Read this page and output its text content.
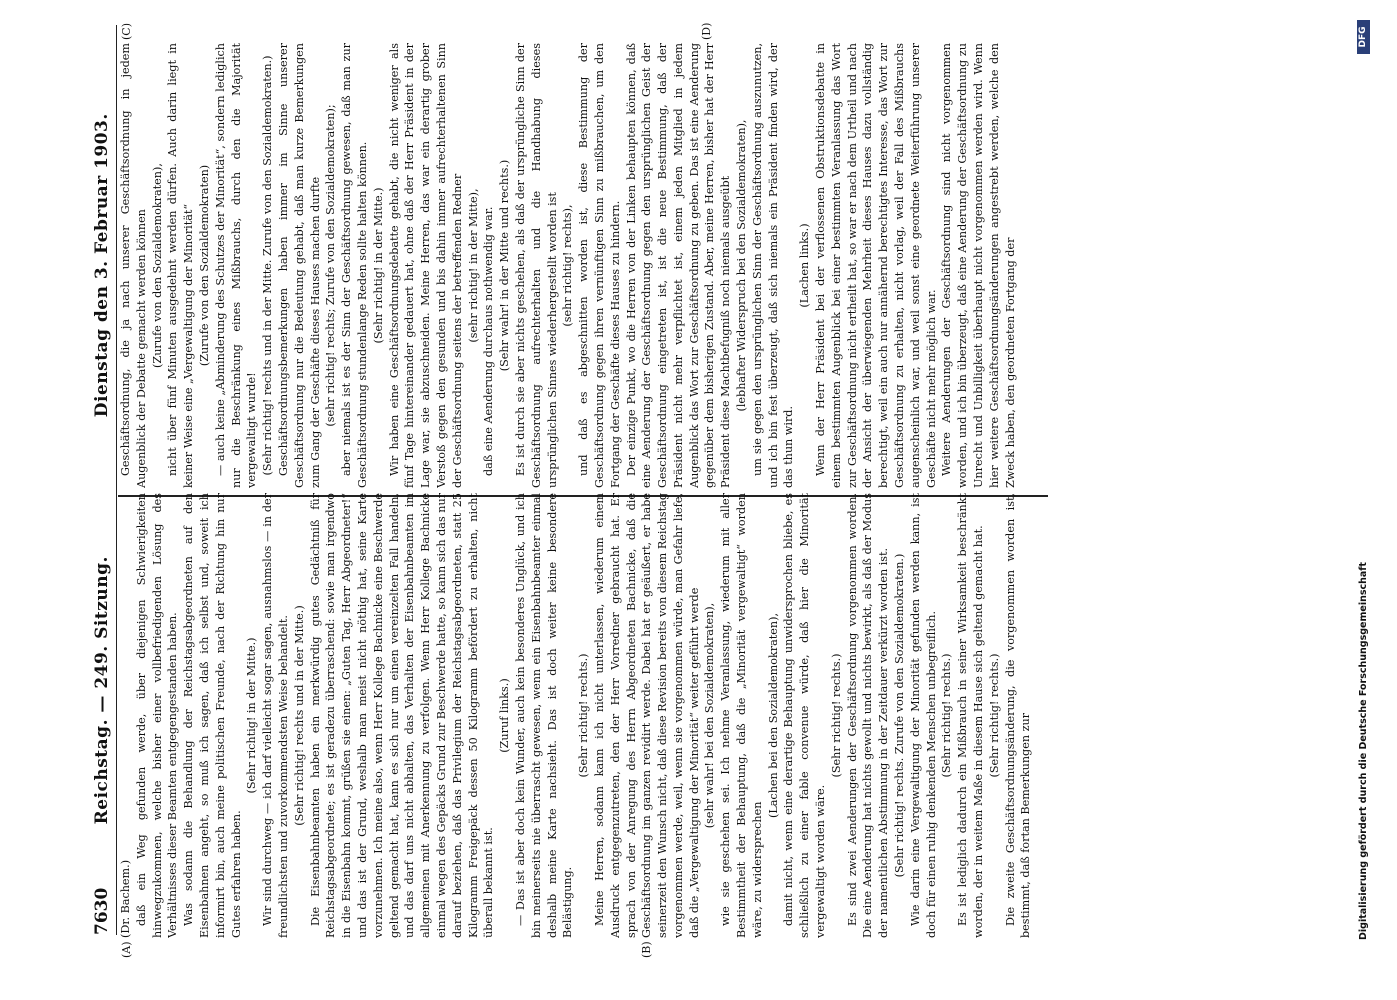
7630
Reichstag. — 249. Sitzung.
Dienstag den 3. Februar 1903.
(A)	(B)
(C)	(D)

(Dr. Bachem.) daß ein Weg gefunden werde, über diejenigen Schwierigkeiten hinwegzukommen, welche bisher einer vollbefriedigenden Lösung des Verhältnisses dieser Beamten entgegengestanden haben. Was sodann die Behandlung der Reichstagsabgeordneten auf den Eisenbahnen angeht, so muß ich sagen, daß ich selbst und, soweit ich informirt bin, auch meine politischen Freunde, nach der Richtung hin nur Gutes erfahren haben.

(Sehr richtig! in der Mitte.) Wir sind durchweg — ich darf vielleicht sogar sagen, ausnahmslos — in der freundlichsten und zuvorkommendsten Weise behandelt. (Sehr richtig! rechts und in der Mitte.) Die Eisenbahnbeamten haben ein merkwürdig gutes Gedächtniß für Reichstagsabgeordnete; es ist geradezu überraschend: sowie man irgendwo in die Eisenbahn kommt, grüßen sie einen: „Guten Tag, Herr Abgeordneter!“ und das ist der Grund, weshalb man meist nicht nöthig hat, seine Karte vorzunehmen. Ich meine also, wenn Herr Kollege Bachnicke eine Beschwerde geltend gemacht hat, kann es sich nur um einen vereinzelten Fall handeln, und das darf uns nicht abhalten, das Verhalten der Eisenbahnbeamten im allgemeinen mit Anerkennung zu verfolgen. Wenn Herr Kollege Bachnicke einmal wegen des Gepäcks Grund zur Beschwerde hatte, so kann sich das nur darauf beziehen, daß das Privilegium der Reichstagsabgeordneten, statt 25 Kilogramm Freigepäck dessen 50 Kilogramm befördert zu erhalten, nicht überall bekannt ist.

(Zuruf links.) — Das ist aber doch kein Wunder, auch kein besonderes Unglück, und ich bin meinerseits nie überrascht gewesen, wenn ein Eisenbahnbeamter einmal deshalb meine Karte nachsieht. Das ist doch weiter keine besondere Belästigung.

(Sehr richtig! rechts.) Meine Herren, sodann kann ich nicht unterlassen, wiederum einem Ausdruck entgegenzutreten, den der Herr Vorredner gebraucht hat. Er sprach von der Anregung des Herrn Abgeordneten Bachnicke, daß die Geschäftsordnung im ganzen revidirt werde. Dabei hat er geäußert, er habe seinerzeit den Wunsch nicht, daß diese Revision bereits von diesem Reichstag vorgenommen werde, weil, wenn sie vorgenommen würde, man Gefahr liefe, daß die „Vergewaltigung der Minorität“ weiter geführt werde (sehr wahr! bei den Sozialdemokraten), wie sie geschehen sei. Ich nehme Veranlassung, wiederum mit aller Bestimmtheit der Behauptung, daß die „Minorität vergewaltigt“ worden wäre, zu widersprechen

(Lachen bei den Sozialdemokraten), damit nicht, wenn eine derartige Behauptung unwidersprochen bliebe, es schließlich zu einer fable convenue würde, daß hier die Minorität vergewaltigt worden wäre.

(Sehr richtig! rechts.) Es sind zwei Aenderungen der Geschäftsordnung vorgenommen worden. Die eine Aenderung hat nichts gewollt und nichts bewirkt, als daß der Modus der namentlichen Abstimmung in der Zeitdauer verkürzt worden ist. (Sehr richtig! rechts. Zurufe von den Sozialdemokraten.) Wie darin eine Vergewaltigung der Minorität gefunden werden kann, ist doch für einen ruhig denkenden Menschen unbegreiflich. (Sehr richtig! rechts.) Es ist lediglich dadurch ein Mißbrauch in seiner Wirksamkeit beschränkt worden, der in weitem Maße in diesem Hause sich geltend gemacht hat. (Sehr richtig! rechts.) Die zweite Geschäftsordnungsänderung, die vorgenommen worden ist, bestimmt, daß fortan Bemerkungen zur

Geschäftsordnung, die ja nach unserer Geschäftsordnung in jedem Augenblick der Debatte gemacht werden können (Zurufe von den Sozialdemokraten), nicht über fünf Minuten ausgedehnt werden dürfen. Auch darin liegt in keiner Weise eine „Vergewaltigung der Minorität“ (Zurufe von den Sozialdemokraten) — auch keine „Abminderung des Schutzes der Minorität“, sondern lediglich nur die Beschränkung eines Mißbrauchs, durch den die Majorität vergewaltigt wurde! (Sehr richtig! rechts und in der Mitte. Zurufe von den Sozialdemokraten.) Geschäftsordnungsbemerkungen haben immer im Sinne unserer Geschäftsordnung nur die Bedeutung gehabt, daß man kurze Bemerkungen zum Gang der Geschäfte dieses Hauses machen durfte (sehr richtig! rechts; Zurufe von den Sozialdemokraten); aber niemals ist es der Sinn der Geschäftsordnung gewesen, daß man zur Geschäftsordnung stundenlange Reden sollte halten können. (Sehr richtig! in der Mitte.) Wir haben eine Geschäftsordnungsdebatte gehabt, die nicht weniger als fünf Tage hintereinander gedauert hat, ohne daß der Herr Präsident in der Lage war, sie abzuschneiden. Meine Herren, das war ein derartig grober Verstoß gegen den gesunden und bis dahin immer aufrechterhaltenen Sinn der Geschäftsordnung seitens der betreffenden Redner (sehr richtig! in der Mitte), daß eine Aenderung durchaus nothwendig war. (Sehr wahr! in der Mitte und rechts.) Es ist durch sie aber nichts geschehen, als daß der ursprüngliche Sinn der Geschäftsordnung aufrechterhalten und die Handhabung dieses ursprünglichen Sinnes wiederhergestellt worden ist (sehr richtig! rechts), und daß es abgeschnitten worden ist, diese Bestimmung der Geschäftsordnung gegen ihren vernünftigen Sinn zu mißbrauchen, um den Fortgang der Geschäfte dieses Hauses zu hindern. Der einzige Punkt, wo die Herren von der Linken behaupten können, daß eine Aenderung der Geschäftsordnung gegen den ursprünglichen Geist der Geschäftsordnung eingetreten ist, ist die neue Bestimmung, daß der Präsident nicht mehr verpflichtet ist, einem jeden Mitglied in jedem Augenblick das Wort zur Geschäftsordnung zu geben. Das ist eine Aenderung gegenüber dem bisherigen Zustand. Aber, meine Herren, bisher hat der Herr Präsident diese Machtbefugniß noch niemals ausgeübt (lebhafter Widerspruch bei den Sozialdemokraten), um sie gegen den ursprünglichen Sinn der Geschäftsordnung auszunutzen, und ich bin fest überzeugt, daß sich niemals ein Präsident finden wird, der das thun wird.

(Lachen links.) Wenn der Herr Präsident bei der verflossenen Obstruktionsdebatte in einem bestimmten Augenblick bei einer bestimmten Veranlassung das Wort zur Geschäftsordnung nicht ertheilt hat, so war er nach dem Urtheil und nach der Ansicht der überwiegenden Mehrheit dieses Hauses dazu vollständig berechtigt, weil ein auch nur annähernd berechtigtes Interesse, das Wort zur Geschäftsordnung zu erhalten, nicht vorlag, weil der Fall des Mißbrauchs augenscheinlich war, und weil sonst eine geordnete Weiterführung unserer Geschäfte nicht mehr möglich war. Weitere Aenderungen der Geschäftsordnung sind nicht vorgenommen worden, und ich bin überzeugt, daß eine Aenderung der Geschäftsordnung zu Unrecht und Unbilligkeit überhaupt nicht vorgenommen werden wird. Wenn hier weitere Geschäftsordnungsänderungen angestrebt werden, welche den Zweck haben, den geordneten Fortgang der

Digitalisierung gefördert durch die Deutsche Forschungsgemeinschaft
DFG
